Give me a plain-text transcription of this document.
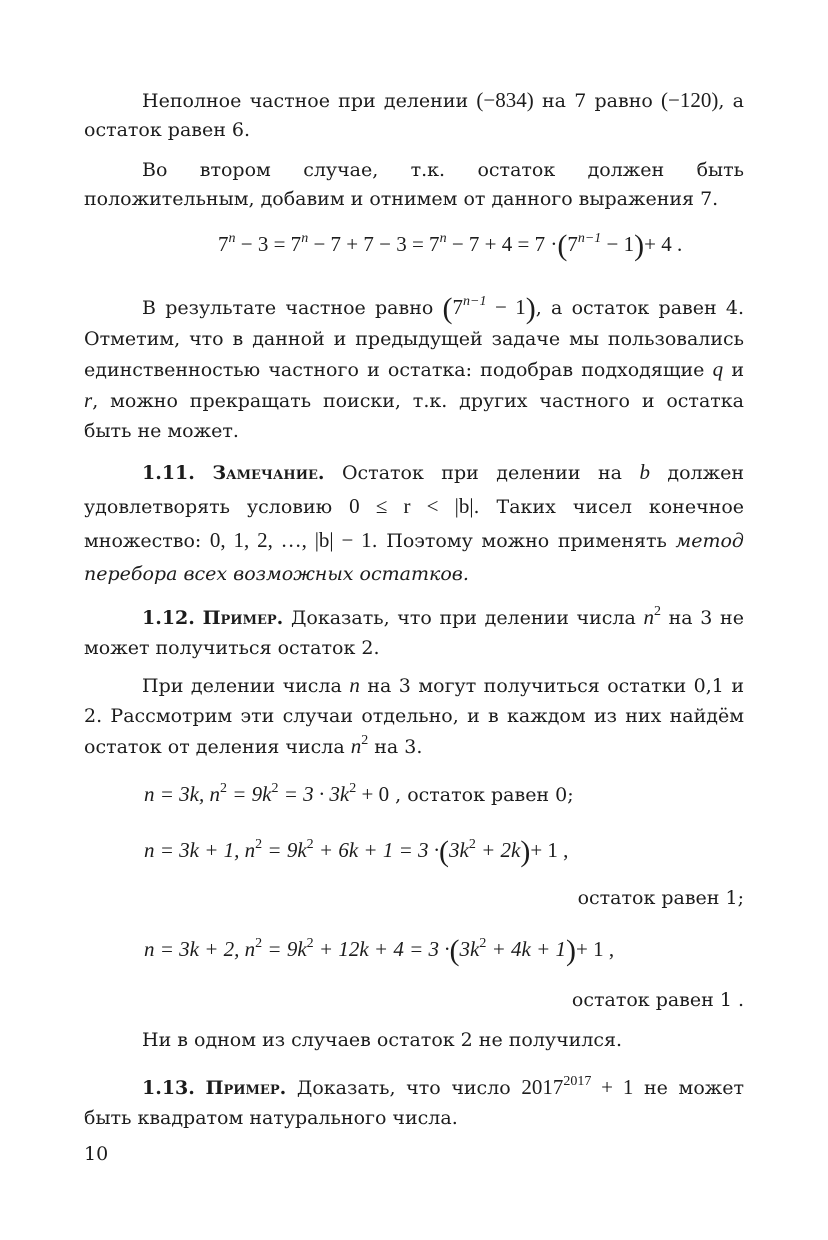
Неполное частное при делении (−834) на 7 равно (−120), а остаток равен 6.

Во втором случае, т.к. остаток должен быть положительным, добавим и отнимем от данного выражения 7.

$7^n - 3 = 7^n - 7 + 7 - 3 = 7^n - 7 + 4 = 7 \cdot(7^{n-1} - 1)+ 4$ .

В результате частное равно $(7^{n-1} - 1)$, а остаток равен 4. Отметим, что в данной и предыдущей задаче мы пользовались единственностью частного и остатка: подобрав подходящие q и r, можно прекращать поиски, т.к. других частного и остатка быть не может.

1.11. Замечание. Остаток при делении на b должен удовлетворять условию 0 ≤ r < |b|. Таких чисел конечное множество: 0, 1, 2, …, |b| − 1. Поэтому можно применять метод перебора всех возможных остатков.

1.12. Пример. Доказать, что при делении числа $n^2$ на 3 не может получиться остаток 2.

При делении числа n на 3 могут получиться остатки 0,1 и 2. Рассмотрим эти случаи отдельно, и в каждом из них найдём остаток от деления числа $n^2$ на 3.

n = 3k, $n^2 = 9k^2 = 3 \cdot 3k^2 + 0$ , остаток равен 0;
n = 3k + 1, $n^2 = 9k^2 + 6k + 1 = 3 \cdot(3k^2 + 2k)+ 1$ ,
остаток равен 1;
n = 3k + 2, $n^2 = 9k^2 + 12k + 4 = 3 \cdot(3k^2 + 4k + 1)+ 1$ ,
остаток равен 1 .

Ни в одном из случаев остаток 2 не получился.

1.13. Пример. Доказать, что число $2017^{2017} + 1$ не может быть квадратом натурального числа.

10
